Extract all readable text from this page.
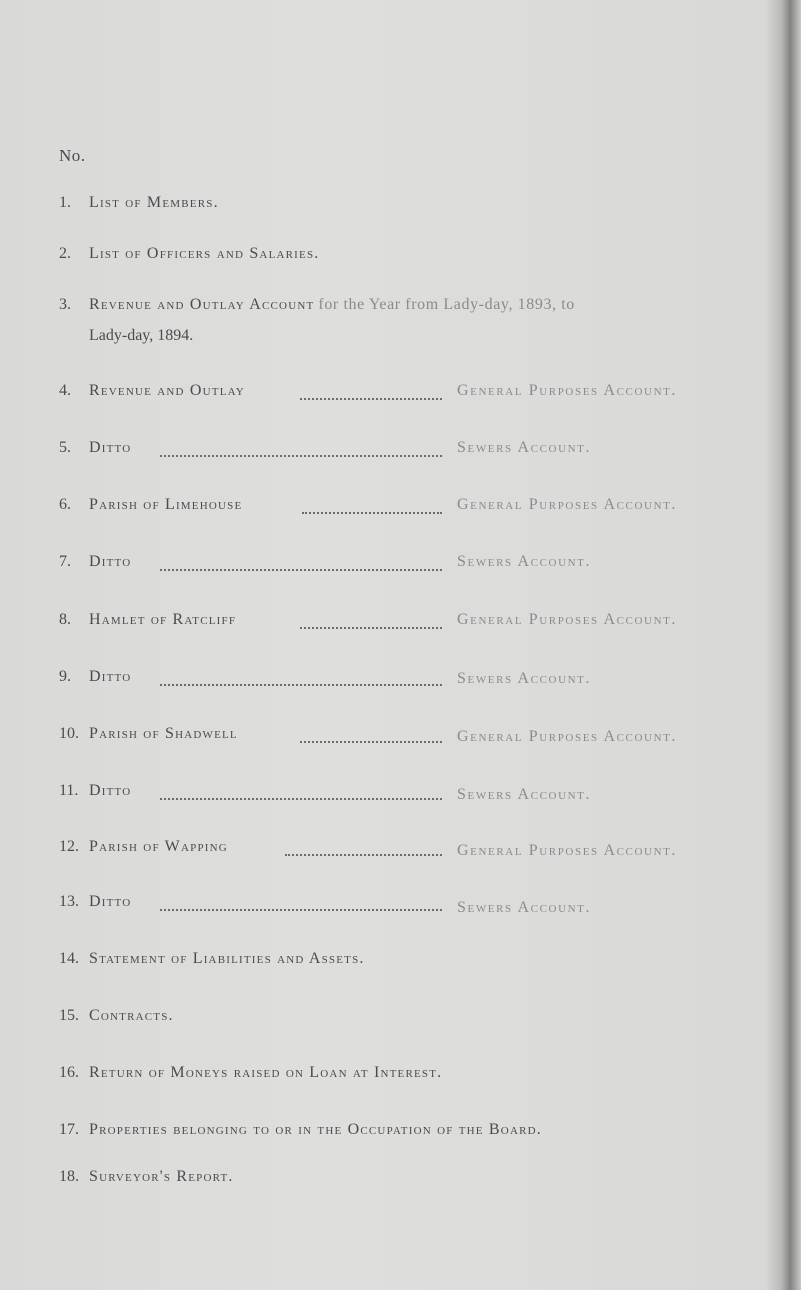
No.
1. List of Members.
2. List of Officers and Salaries.
3. Revenue and Outlay Account for the Year from Lady-day, 1893, to
Lady-day, 1894.
4. Revenue and Outlay	General Purposes Account.
5. Ditto	Sewers Account.
6. Parish of Limehouse	General Purposes Account.
7. Ditto	Sewers Account.
8. Hamlet of Ratcliff	General Purposes Account.
9. Ditto	Sewers Account.
10. Parish of Shadwell	General Purposes Account.
11. Ditto	Sewers Account.
12. Parish of Wapping	General Purposes Account.
13. Ditto	Sewers Account.
14. Statement of Liabilities and Assets.
15. Contracts.
16. Return of Moneys raised on Loan at Interest.
17. Properties belonging to or in the Occupation of the Board.
18. Surveyor's Report.
